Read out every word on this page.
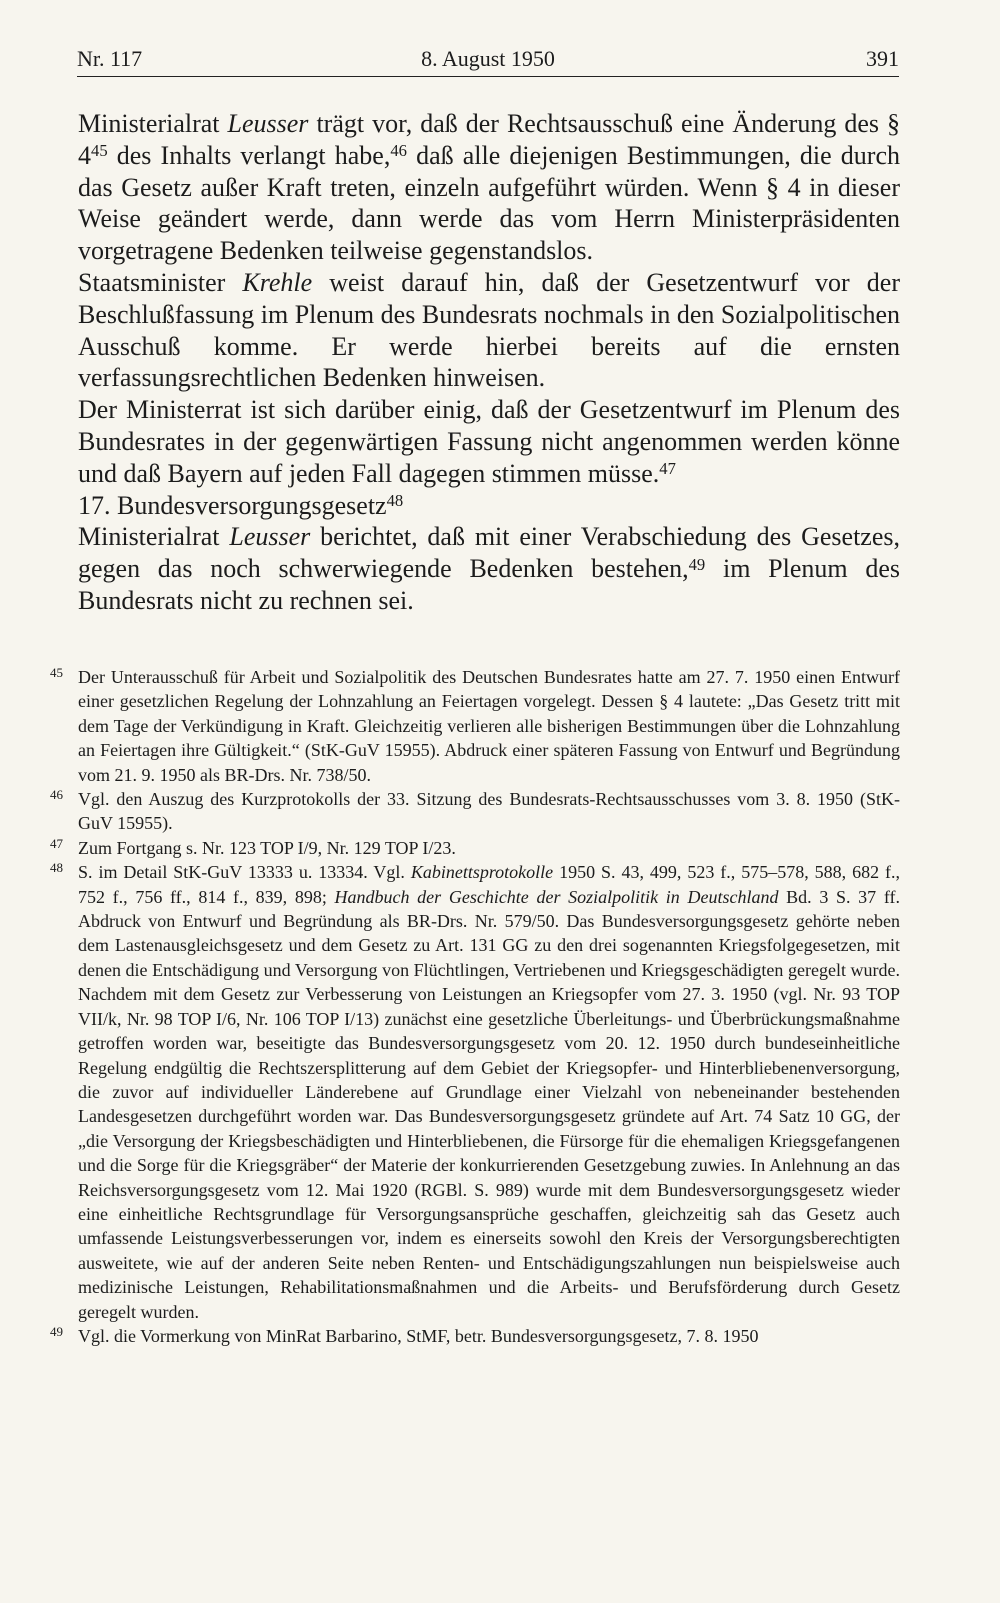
Nr. 117	8. August 1950	391

Ministerialrat Leusser trägt vor, daß der Rechtsausschuß eine Änderung des § $4^{45}$ des Inhalts verlangt habe,$^{46}$ daß alle diejenigen Bestimmungen, die durch das Gesetz außer Kraft treten, einzeln aufgeführt würden. Wenn § 4 in dieser Weise geändert werde, dann werde das vom Herrn Ministerpräsidenten vorgetragene Bedenken teilweise gegenstandslos.

Staatsminister Krehle weist darauf hin, daß der Gesetzentwurf vor der Beschlußfassung im Plenum des Bundesrats nochmals in den Sozialpolitischen Ausschuß komme. Er werde hierbei bereits auf die ernsten verfassungsrechtlichen Bedenken hinweisen.

Der Ministerrat ist sich darüber einig, daß der Gesetzentwurf im Plenum des Bundesrates in der gegenwärtigen Fassung nicht angenommen werden könne und daß Bayern auf jeden Fall dagegen stimmen müsse.$^{47}$

17. Bundesversorgungsgesetz$^{48}$

Ministerialrat Leusser berichtet, daß mit einer Verabschiedung des Gesetzes, gegen das noch schwerwiegende Bedenken bestehen,$^{49}$ im Plenum des Bundesrats nicht zu rechnen sei.

45 Der Unterausschuß für Arbeit und Sozialpolitik des Deutschen Bundesrates hatte am 27. 7. 1950 einen Entwurf einer gesetzlichen Regelung der Lohnzahlung an Feiertagen vorgelegt. Dessen § 4 lautete: „Das Gesetz tritt mit dem Tage der Verkündigung in Kraft. Gleichzeitig verlieren alle bisherigen Bestimmungen über die Lohnzahlung an Feiertagen ihre Gültigkeit.“ (StK-GuV 15955). Abdruck einer späteren Fassung von Entwurf und Begründung vom 21. 9. 1950 als BR-Drs. Nr. 738/50.

46 Vgl. den Auszug des Kurzprotokolls der 33. Sitzung des Bundesrats-Rechtsausschusses vom 3. 8. 1950 (StK-GuV 15955).

47 Zum Fortgang s. Nr. 123 TOP I/9, Nr. 129 TOP I/23.

48 S. im Detail StK-GuV 13333 u. 13334. Vgl. Kabinettsprotokolle 1950 S. 43, 499, 523 f., 575–578, 588, 682 f., 752 f., 756 ff., 814 f., 839, 898; Handbuch der Geschichte der Sozialpolitik in Deutschland Bd. 3 S. 37 ff. Abdruck von Entwurf und Begründung als BR-Drs. Nr. 579/50. Das Bundesversorgungsgesetz gehörte neben dem Lastenausgleichsgesetz und dem Gesetz zu Art. 131 GG zu den drei sogenannten Kriegsfolgegesetzen, mit denen die Entschädigung und Versorgung von Flüchtlingen, Vertriebenen und Kriegsgeschädigten geregelt wurde. Nachdem mit dem Gesetz zur Verbesserung von Leistungen an Kriegsopfer vom 27. 3. 1950 (vgl. Nr. 93 TOP VII/k, Nr. 98 TOP I/6, Nr. 106 TOP I/13) zunächst eine gesetzliche Überleitungs- und Überbrückungsmaßnahme getroffen worden war, beseitigte das Bundesversorgungsgesetz vom 20. 12. 1950 durch bundeseinheitliche Regelung endgültig die Rechtszersplitterung auf dem Gebiet der Kriegsopfer- und Hinterbliebenenversorgung, die zuvor auf individueller Länderebene auf Grundlage einer Vielzahl von nebeneinander bestehenden Landesgesetzen durchgeführt worden war. Das Bundesversorgungsgesetz gründete auf Art. 74 Satz 10 GG, der „die Versorgung der Kriegsbeschädigten und Hinterbliebenen, die Fürsorge für die ehemaligen Kriegsgefangenen und die Sorge für die Kriegsgräber“ der Materie der konkurrierenden Gesetzgebung zuwies. In Anlehnung an das Reichsversorgungsgesetz vom 12. Mai 1920 (RGBl. S. 989) wurde mit dem Bundesversorgungsgesetz wieder eine einheitliche Rechtsgrundlage für Versorgungsansprüche geschaffen, gleichzeitig sah das Gesetz auch umfassende Leistungsverbesserungen vor, indem es einerseits sowohl den Kreis der Versorgungsberechtigten ausweitete, wie auf der anderen Seite neben Renten- und Entschädigungszahlungen nun beispielsweise auch medizinische Leistungen, Rehabilitationsmaßnahmen und die Arbeits- und Berufsförderung durch Gesetz geregelt wurden.

49 Vgl. die Vormerkung von MinRat Barbarino, StMF, betr. Bundesversorgungsgesetz, 7. 8. 1950
